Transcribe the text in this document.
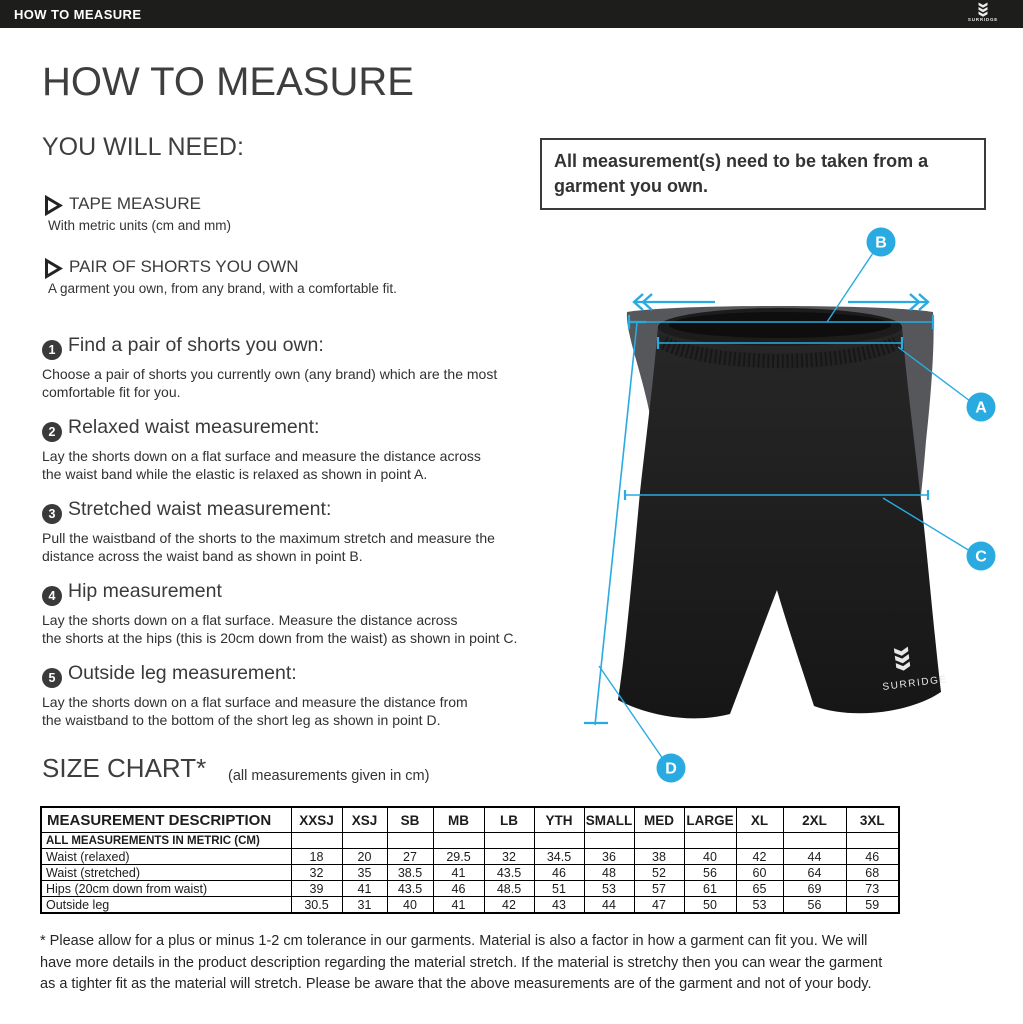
HOW TO MEASURE	SURRIDGE
HOW TO MEASURE
YOU WILL NEED:
TAPE MEASURE
With metric units (cm and mm)
PAIR OF SHORTS YOU OWN
A garment you own, from any brand, with a comfortable fit.
1 Find a pair of shorts you own:
Choose a pair of shorts you currently own (any brand) which are the most
comfortable fit for you.
2 Relaxed waist measurement:
Lay the shorts down on a flat surface and measure the distance across
the waist band while the elastic is relaxed as shown in point A.
3 Stretched waist measurement:
Pull the waistband of the shorts to the maximum stretch and measure the
distance across the waist band as shown in point B.
4 Hip measurement
Lay the shorts down on a flat surface. Measure the distance across
the shorts at the hips (this is 20cm down from the waist) as shown in point C.
5 Outside leg measurement:
Lay the shorts down on a flat surface and measure the distance from
the waistband to the bottom of the short leg as shown in point D.
All measurement(s) need to be taken from a garment you own.
SURRIDGE
A
B
C
D
SIZE CHART* (all measurements given in cm)
MEASUREMENT DESCRIPTION	XXSJ	XSJ	SB	MB	LB	YTH	SMALL	MED	LARGE	XL	2XL	3XL
ALL MEASUREMENTS IN METRIC (CM)												
Waist (relaxed)	18	20	27	29.5	32	34.5	36	38	40	42	44	46
Waist (stretched)	32	35	38.5	41	43.5	46	48	52	56	60	64	68
Hips (20cm down from waist)	39	41	43.5	46	48.5	51	53	57	61	65	69	73
Outside leg	30.5	31	40	41	42	43	44	47	50	53	56	59
* Please allow for a plus or minus 1-2 cm tolerance in our garments. Material is also a factor in how a garment can fit you. We will have more details in the product description regarding the material stretch. If the material is stretchy then you can wear the garment as a tighter fit as the material will stretch. Please be aware that the above measurements are of the garment and not of your body.
